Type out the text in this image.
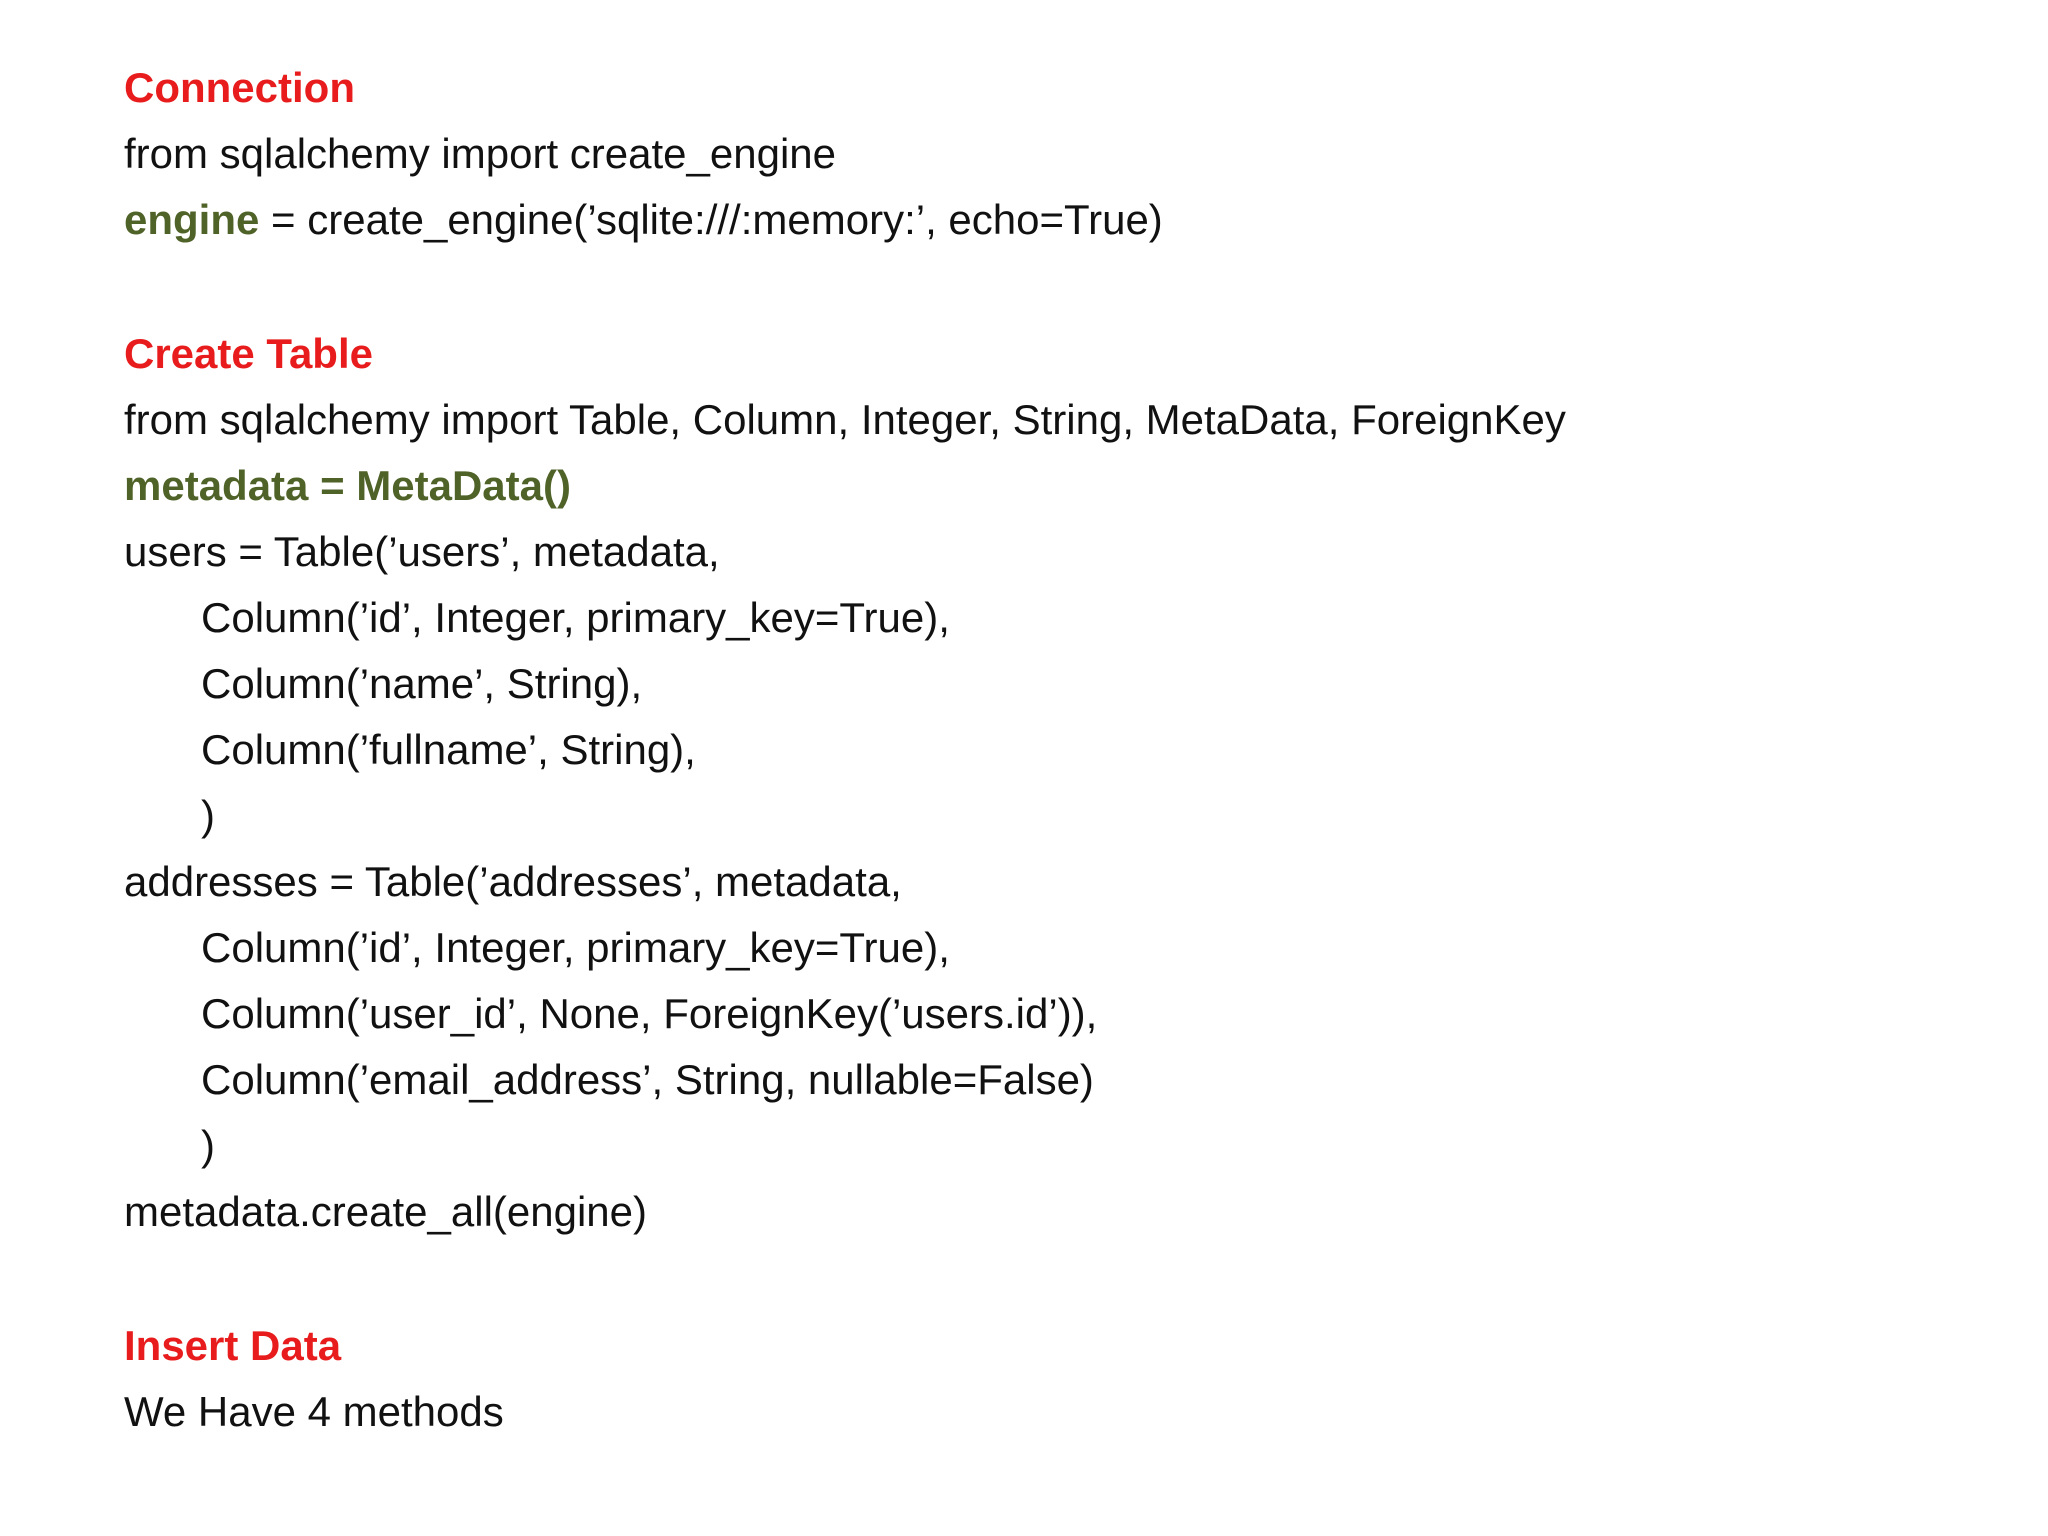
Connection
from sqlalchemy import create_engine
engine = create_engine(’sqlite:///:memory:’, echo=True)
Create Table
from sqlalchemy import Table, Column, Integer, String, MetaData, ForeignKey
metadata = MetaData()
users = Table(’users’, metadata,
Column(’id’, Integer, primary_key=True),
Column(’name’, String),
Column(’fullname’, String),
)
addresses = Table(’addresses’, metadata,
Column(’id’, Integer, primary_key=True),
Column(’user_id’, None, ForeignKey(’users.id’)),
Column(’email_address’, String, nullable=False)
)
metadata.create_all(engine)
Insert Data
We Have 4 methods
